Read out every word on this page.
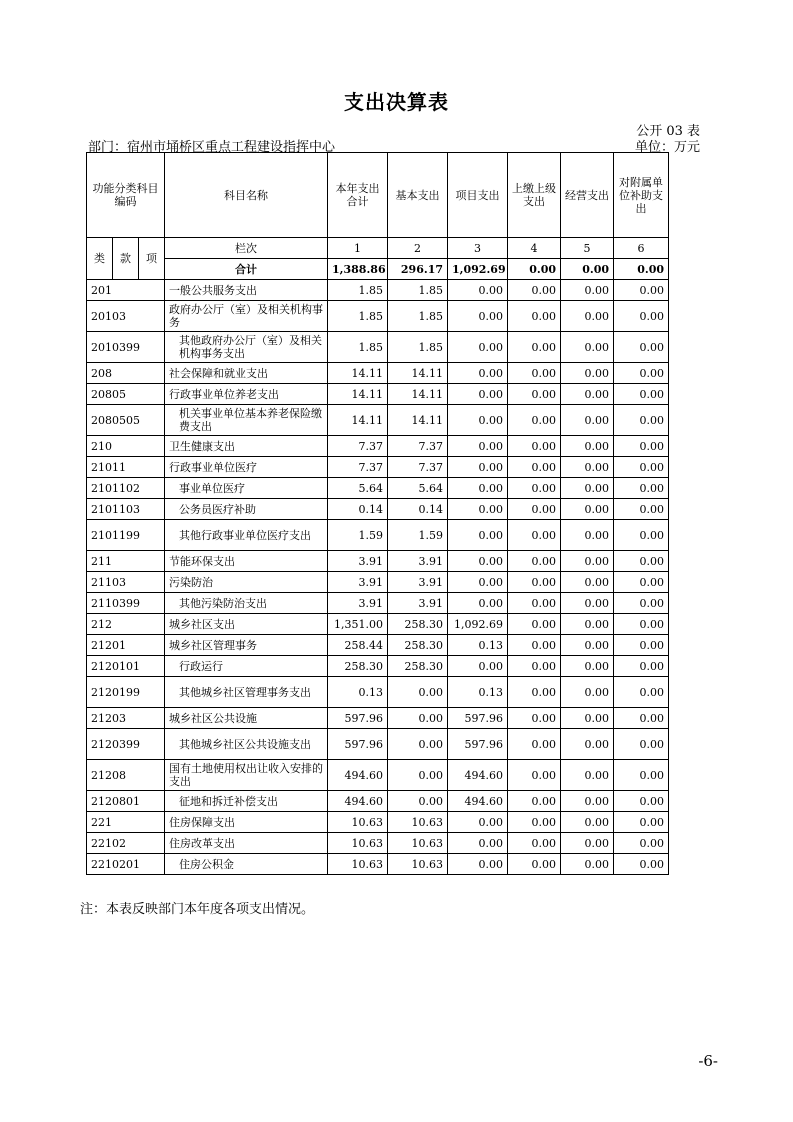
支出决算表
公开 03 表
部门：宿州市埇桥区重点工程建设指挥中心	单位：万元
功能分类科目编码			科目名称	本年支出合计	基本支出	项目支出	上缴上级支出	经营支出	对附属单位补助支出
类	款	项	栏次	1	2	3	4	5	6
			合计	1,388.86	296.17	1,092.69	0.00	0.00	0.00
201			一般公共服务支出	1.85	1.85	0.00	0.00	0.00	0.00
20103			政府办公厅（室）及相关机构事务	1.85	1.85	0.00	0.00	0.00	0.00
2010399			其他政府办公厅（室）及相关机构事务支出	1.85	1.85	0.00	0.00	0.00	0.00
208			社会保障和就业支出	14.11	14.11	0.00	0.00	0.00	0.00
20805			行政事业单位养老支出	14.11	14.11	0.00	0.00	0.00	0.00
2080505			机关事业单位基本养老保险缴费支出	14.11	14.11	0.00	0.00	0.00	0.00
210			卫生健康支出	7.37	7.37	0.00	0.00	0.00	0.00
21011			行政事业单位医疗	7.37	7.37	0.00	0.00	0.00	0.00
2101102			事业单位医疗	5.64	5.64	0.00	0.00	0.00	0.00
2101103			公务员医疗补助	0.14	0.14	0.00	0.00	0.00	0.00
2101199			其他行政事业单位医疗支出	1.59	1.59	0.00	0.00	0.00	0.00
211			节能环保支出	3.91	3.91	0.00	0.00	0.00	0.00
21103			污染防治	3.91	3.91	0.00	0.00	0.00	0.00
2110399			其他污染防治支出	3.91	3.91	0.00	0.00	0.00	0.00
212			城乡社区支出	1,351.00	258.30	1,092.69	0.00	0.00	0.00
21201			城乡社区管理事务	258.44	258.30	0.13	0.00	0.00	0.00
2120101			行政运行	258.30	258.30	0.00	0.00	0.00	0.00
2120199			其他城乡社区管理事务支出	0.13	0.00	0.13	0.00	0.00	0.00
21203			城乡社区公共设施	597.96	0.00	597.96	0.00	0.00	0.00
2120399			其他城乡社区公共设施支出	597.96	0.00	597.96	0.00	0.00	0.00
21208			国有土地使用权出让收入安排的支出	494.60	0.00	494.60	0.00	0.00	0.00
2120801			征地和拆迁补偿支出	494.60	0.00	494.60	0.00	0.00	0.00
221			住房保障支出	10.63	10.63	0.00	0.00	0.00	0.00
22102			住房改革支出	10.63	10.63	0.00	0.00	0.00	0.00
2210201			住房公积金	10.63	10.63	0.00	0.00	0.00	0.00
注：本表反映部门本年度各项支出情况。
-6-
